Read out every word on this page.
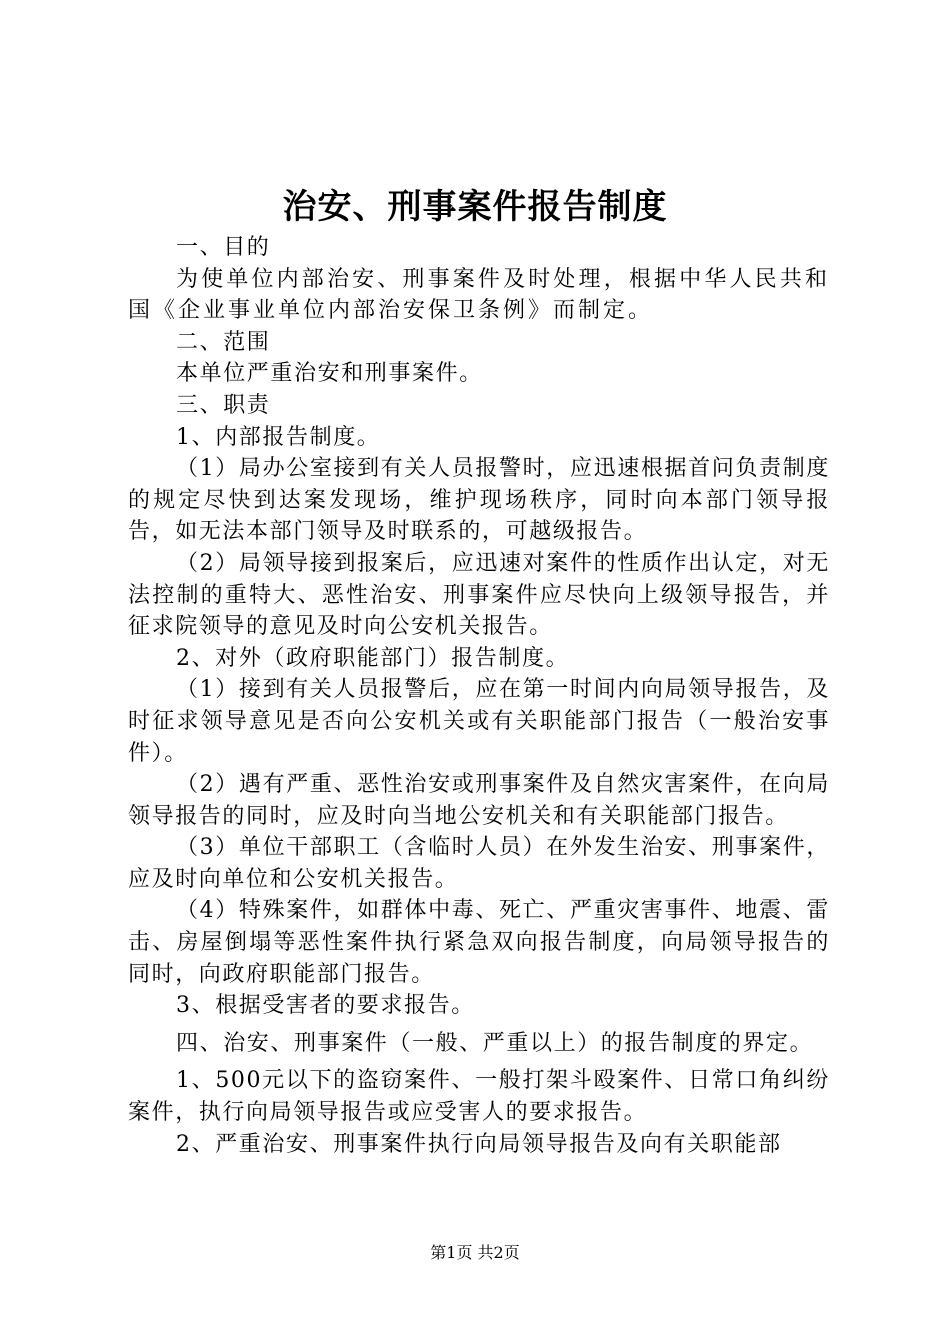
治安、刑事案件报告制度

一、目的

为使单位内部治安、刑事案件及时处理，根据中华人民共和国《企业事业单位内部治安保卫条例》而制定。

二、范围

本单位严重治安和刑事案件。

三、职责

1、内部报告制度。

（1）局办公室接到有关人员报警时，应迅速根据首问负责制度的规定尽快到达案发现场，维护现场秩序，同时向本部门领导报告，如无法本部门领导及时联系的，可越级报告。

（2）局领导接到报案后，应迅速对案件的性质作出认定，对无法控制的重特大、恶性治安、刑事案件应尽快向上级领导报告，并征求院领导的意见及时向公安机关报告。

2、对外（政府职能部门）报告制度。

（1）接到有关人员报警后，应在第一时间内向局领导报告，及时征求领导意见是否向公安机关或有关职能部门报告（一般治安事件）。

（2）遇有严重、恶性治安或刑事案件及自然灾害案件，在向局领导报告的同时，应及时向当地公安机关和有关职能部门报告。

（3）单位干部职工（含临时人员）在外发生治安、刑事案件，应及时向单位和公安机关报告。

（4）特殊案件，如群体中毒、死亡、严重灾害事件、地震、雷击、房屋倒塌等恶性案件执行紧急双向报告制度，向局领导报告的同时，向政府职能部门报告。

3、根据受害者的要求报告。

四、治安、刑事案件（一般、严重以上）的报告制度的界定。

1、500元以下的盗窃案件、一般打架斗殴案件、日常口角纠纷案件，执行向局领导报告或应受害人的要求报告。

2、严重治安、刑事案件执行向局领导报告及向有关职能部

第1页 共2页
